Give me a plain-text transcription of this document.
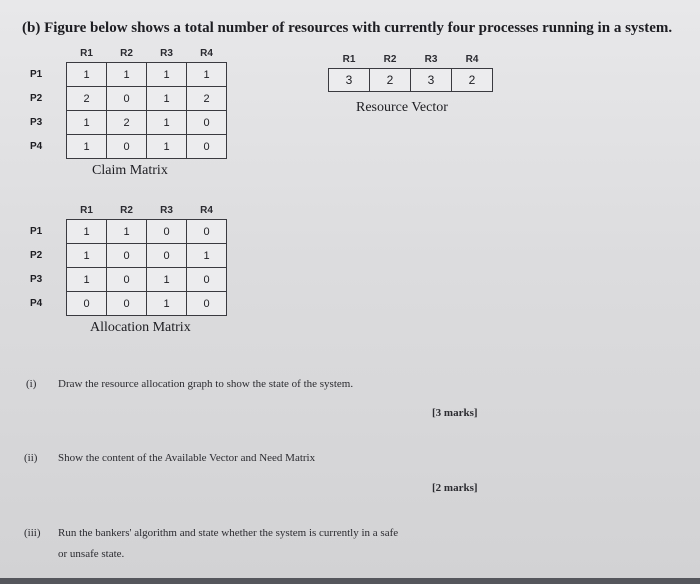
(b) Figure below shows a total number of resources with currently four processes running in a system.
	R1	R2	R3	R4
P1	1	1	1	1
P2	2	0	1	2
P3	1	2	1	0
P4	1	0	1	0
Claim Matrix
R1	R2	R3	R4
3	2	3	2
Resource Vector
	R1	R2	R3	R4
P1	1	1	0	0
P2	1	0	0	1
P3	1	0	1	0
P4	0	0	1	0
Allocation Matrix
(i) Draw the resource allocation graph to show the state of the system.
[3 marks]
(ii) Show the content of the Available Vector and Need Matrix
[2 marks]
(iii) Run the bankers' algorithm and state whether the system is currently in a safe
or unsafe state.
